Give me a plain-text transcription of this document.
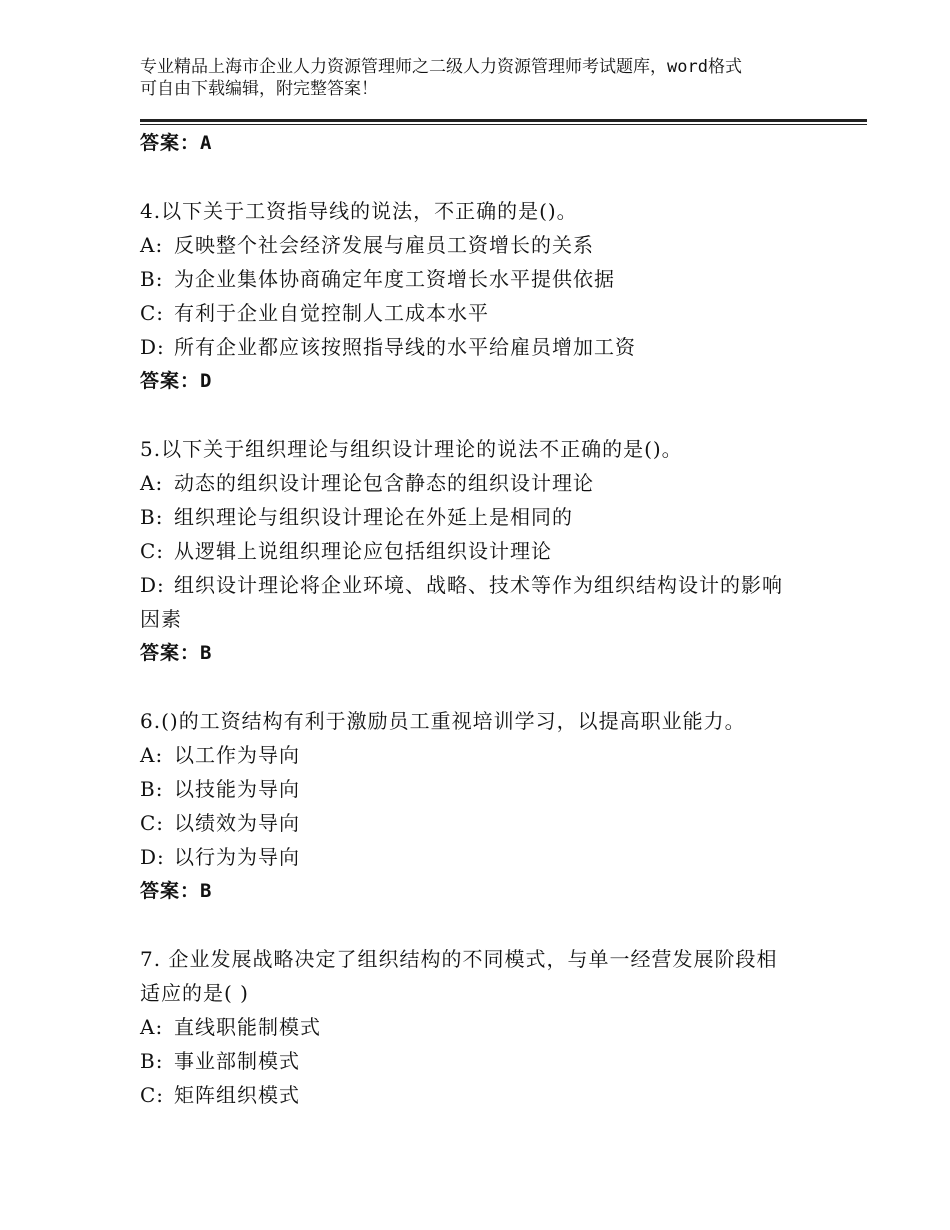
专业精品上海市企业人力资源管理师之二级人力资源管理师考试题库，word格式
可自由下载编辑，附完整答案！
答案：A
4.以下关于工资指导线的说法，不正确的是()。
A: 反映整个社会经济发展与雇员工资增长的关系
B: 为企业集体协商确定年度工资增长水平提供依据
C: 有利于企业自觉控制人工成本水平
D: 所有企业都应该按照指导线的水平给雇员增加工资
答案：D
5.以下关于组织理论与组织设计理论的说法不正确的是()。
A: 动态的组织设计理论包含静态的组织设计理论
B: 组织理论与组织设计理论在外延上是相同的
C: 从逻辑上说组织理论应包括组织设计理论
D: 组织设计理论将企业环境、战略、技术等作为组织结构设计的影响
因素
答案：B
6.()的工资结构有利于激励员工重视培训学习，以提高职业能力。
A: 以工作为导向
B: 以技能为导向
C: 以绩效为导向
D: 以行为为导向
答案：B
7. 企业发展战略决定了组织结构的不同模式，与单一经营发展阶段相
适应的是( )
A: 直线职能制模式
B: 事业部制模式
C: 矩阵组织模式
